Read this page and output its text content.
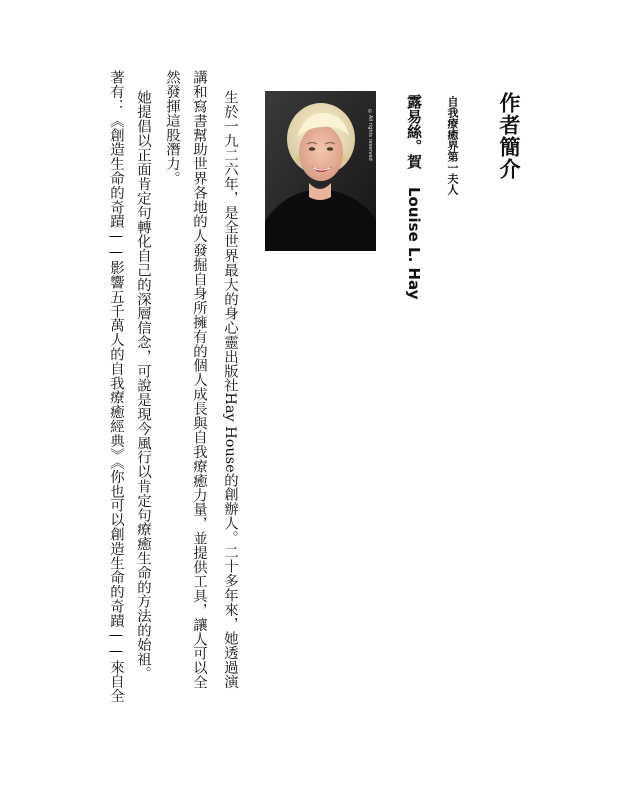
作者簡介
自我療癒界第一夫人
露易絲。賀 Louise L. Hay
©All rights reserved

生於一九二六年，是全世界最大的身心靈出版社Hay House的創辦人。二十多年來，她透過演

講和寫書幫助世界各地的人發掘自身所擁有的個人成長與自我療癒力量，並提供工具，讓人可以全

然發揮這股潛力。

她提倡以正面肯定句轉化自己的深層信念，可說是現今風行以肯定句療癒生命的方法的始祖。

著有：《創造生命的奇蹟——影響五千萬人的自我療癒經典》《你也可以創造生命的奇蹟——來自全
